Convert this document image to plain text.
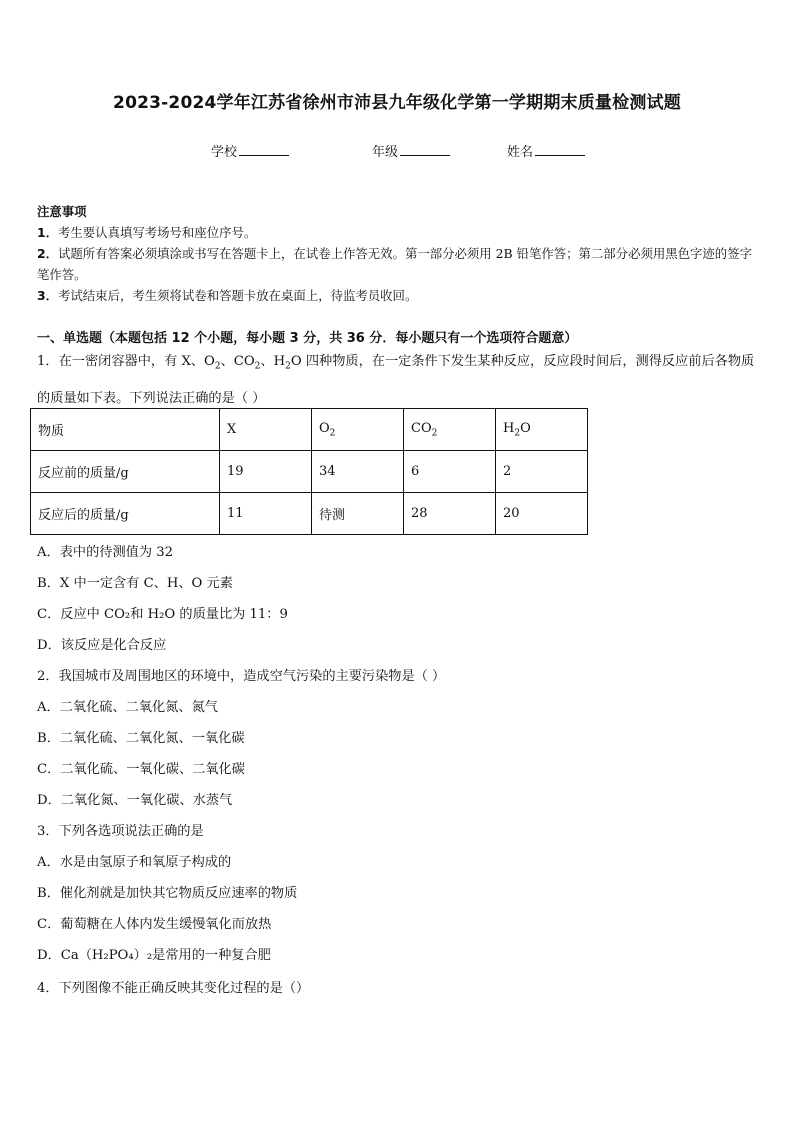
2023-2024学年江苏省徐州市沛县九年级化学第一学期期末质量检测试题
学校	年级	姓名
注意事项
1．考生要认真填写考场号和座位序号。
2．试题所有答案必须填涂或书写在答题卡上，在试卷上作答无效。第一部分必须用 2B 铅笔作答；第二部分必须用黑色字迹的签字笔作答。
3．考试结束后，考生须将试卷和答题卡放在桌面上，待监考员收回。
一、单选题（本题包括 12 个小题，每小题 3 分，共 36 分．每小题只有一个选项符合题意）
1．在一密闭容器中，有 X、$O_2$、$CO_2$、$H_2O$ 四种物质，在一定条件下发生某种反应，反应段时间后，测得反应前后各物质的质量如下表。下列说法正确的是（ ）
物质	X	$O_2$	$CO_2$	$H_2O$
反应前的质量/g	19	34	6	2
反应后的质量/g	11	待测	28	20
A．表中的待测值为 32
B．X 中一定含有 C、H、O 元素
C．反应中 CO₂和 H₂O 的质量比为 11：9
D．该反应是化合反应
2．我国城市及周围地区的环境中，造成空气污染的主要污染物是（ ）
A．二氧化硫、二氧化氮、氮气
B．二氧化硫、二氧化氮、一氧化碳
C．二氧化硫、一氧化碳、二氧化碳
D．二氧化氮、一氧化碳、水蒸气
3．下列各选项说法正确的是
A．水是由氢原子和氧原子构成的
B．催化剂就是加快其它物质反应速率的物质
C．葡萄糖在人体内发生缓慢氧化而放热
D．Ca（H₂PO₄）₂是常用的一种复合肥
4．下列图像不能正确反映其变化过程的是（）
